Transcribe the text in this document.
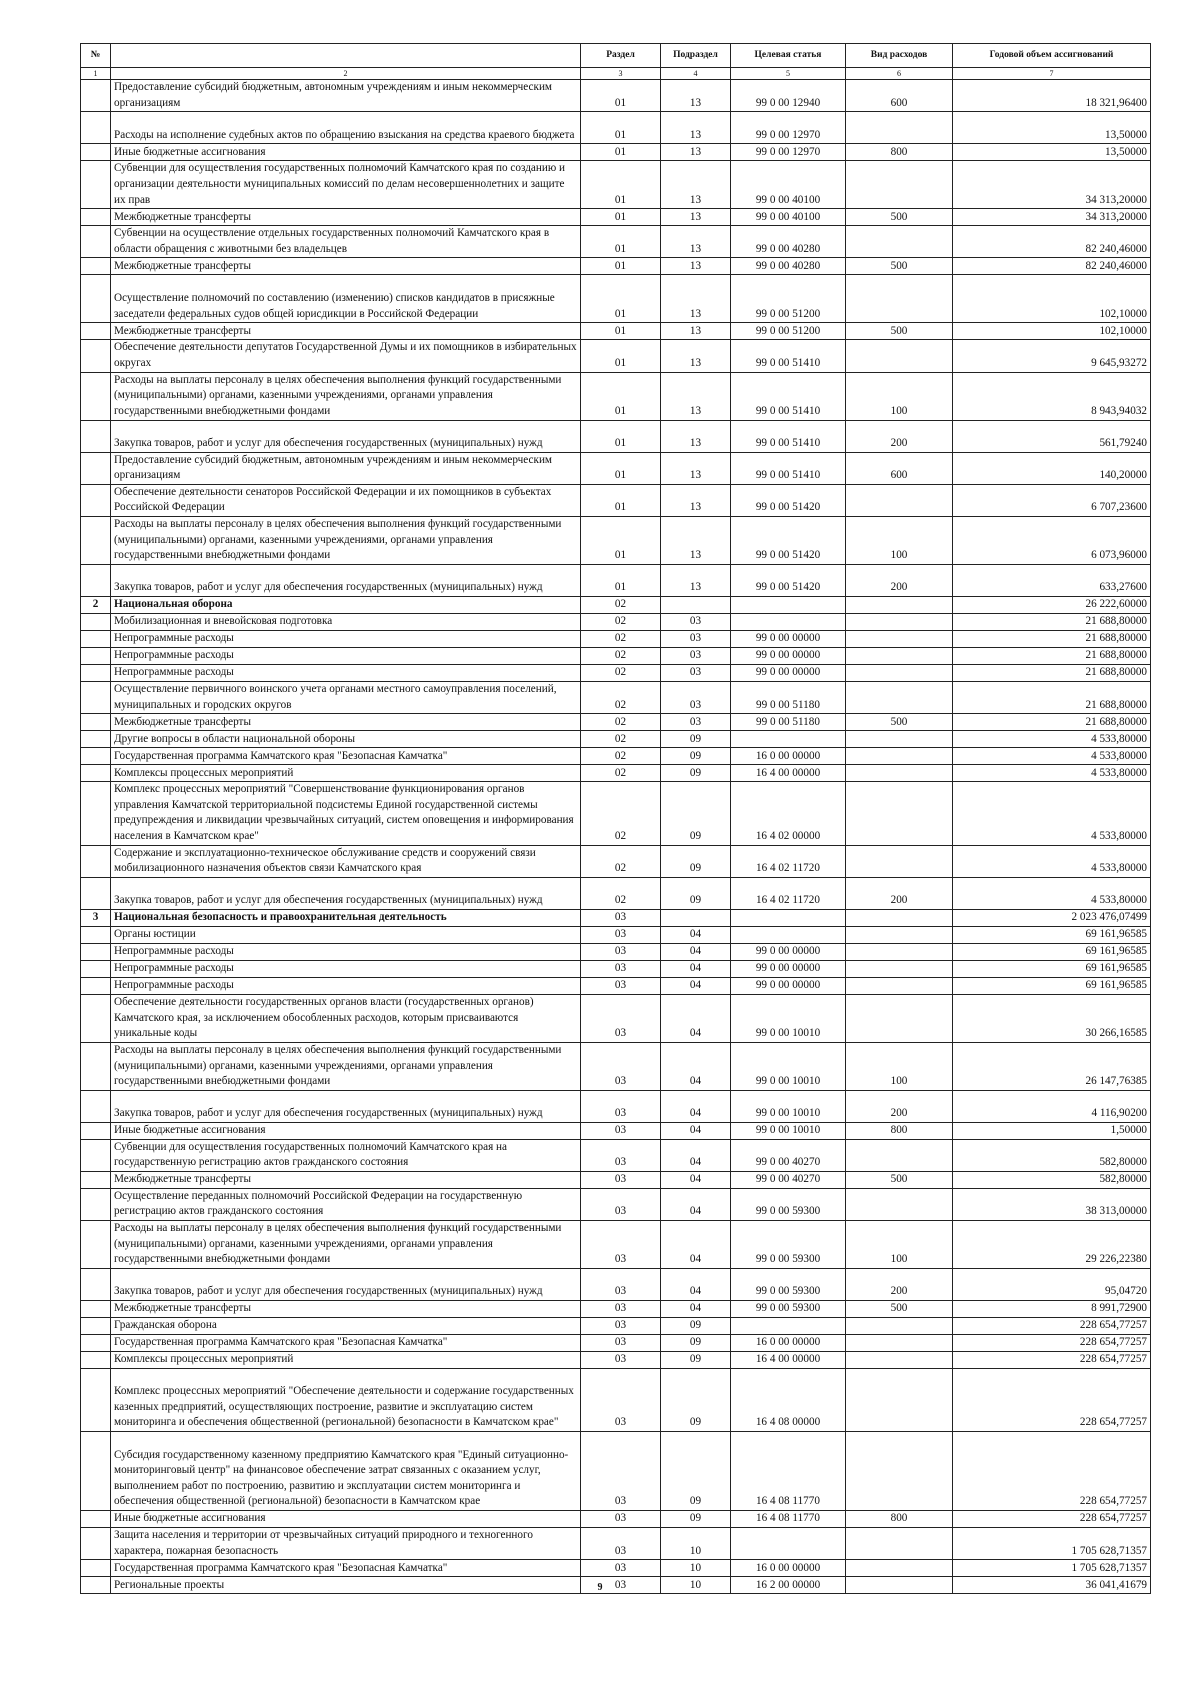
№		Раздел	Подраздел	Целевая статья	Вид расходов	Годовой объем ассигнований
1	2	3	4	5	6	7
	Предоставление субсидий бюджетным, автономным учреждениям и иным некоммерческим организациям	01	13	99 0 00 12940	600	18 321,96400
	Расходы на исполнение судебных актов по обращению взыскания на средства краевого бюджета	01	13	99 0 00 12970		13,50000
	Иные бюджетные ассигнования	01	13	99 0 00 12970	800	13,50000
	Субвенции для осуществления государственных полномочий Камчатского края по созданию и организации деятельности муниципальных комиссий по делам несовершеннолетних и защите их прав	01	13	99 0 00 40100		34 313,20000
	Межбюджетные трансферты	01	13	99 0 00 40100	500	34 313,20000
	Субвенции на осуществление отдельных государственных полномочий Камчатского края в области обращения с животными без владельцев	01	13	99 0 00 40280		82 240,46000
	Межбюджетные трансферты	01	13	99 0 00 40280	500	82 240,46000
	Осуществление полномочий по составлению (изменению) списков кандидатов в присяжные заседатели федеральных судов общей юрисдикции в Российской Федерации	01	13	99 0 00 51200		102,10000
	Межбюджетные трансферты	01	13	99 0 00 51200	500	102,10000
	Обеспечение деятельности депутатов Государственной Думы и их помощников в избирательных округах	01	13	99 0 00 51410		9 645,93272
	Расходы на выплаты персоналу в целях обеспечения выполнения функций государственными (муниципальными) органами, казенными учреждениями, органами управления государственными внебюджетными фондами	01	13	99 0 00 51410	100	8 943,94032
	Закупка товаров, работ и услуг для обеспечения государственных (муниципальных) нужд	01	13	99 0 00 51410	200	561,79240
	Предоставление субсидий бюджетным, автономным учреждениям и иным некоммерческим организациям	01	13	99 0 00 51410	600	140,20000
	Обеспечение деятельности сенаторов Российской Федерации и их помощников в субъектах Российской Федерации	01	13	99 0 00 51420		6 707,23600
	Расходы на выплаты персоналу в целях обеспечения выполнения функций государственными (муниципальными) органами, казенными учреждениями, органами управления государственными внебюджетными фондами	01	13	99 0 00 51420	100	6 073,96000
	Закупка товаров, работ и услуг для обеспечения государственных (муниципальных) нужд	01	13	99 0 00 51420	200	633,27600
2	Национальная оборона	02				26 222,60000
	Мобилизационная и вневойсковая подготовка	02	03			21 688,80000
	Непрограммные расходы	02	03	99 0 00 00000		21 688,80000
	Непрограммные расходы	02	03	99 0 00 00000		21 688,80000
	Непрограммные расходы	02	03	99 0 00 00000		21 688,80000
	Осуществление первичного воинского учета органами местного самоуправления поселений, муниципальных и городских округов	02	03	99 0 00 51180		21 688,80000
	Межбюджетные трансферты	02	03	99 0 00 51180	500	21 688,80000
	Другие вопросы в области национальной обороны	02	09			4 533,80000
	Государственная программа Камчатского края "Безопасная Камчатка"	02	09	16 0 00 00000		4 533,80000
	Комплексы процессных мероприятий	02	09	16 4 00 00000		4 533,80000
	Комплекс процессных мероприятий "Совершенствование функционирования органов управления Камчатской территориальной подсистемы Единой государственной системы предупреждения и ликвидации чрезвычайных ситуаций, систем оповещения и информирования населения в Камчатском крае"	02	09	16 4 02 00000		4 533,80000
	Содержание и эксплуатационно-техническое обслуживание средств и сооружений связи мобилизационного назначения объектов связи Камчатского края	02	09	16 4 02 11720		4 533,80000
	Закупка товаров, работ и услуг для обеспечения государственных (муниципальных) нужд	02	09	16 4 02 11720	200	4 533,80000
3	Национальная безопасность и правоохранительная деятельность	03				2 023 476,07499
	Органы юстиции	03	04			69 161,96585
	Непрограммные расходы	03	04	99 0 00 00000		69 161,96585
	Непрограммные расходы	03	04	99 0 00 00000		69 161,96585
	Непрограммные расходы	03	04	99 0 00 00000		69 161,96585
	Обеспечение деятельности государственных органов власти (государственных органов) Камчатского края, за исключением обособленных расходов, которым присваиваются уникальные коды	03	04	99 0 00 10010		30 266,16585
	Расходы на выплаты персоналу в целях обеспечения выполнения функций государственными (муниципальными) органами, казенными учреждениями, органами управления государственными внебюджетными фондами	03	04	99 0 00 10010	100	26 147,76385
	Закупка товаров, работ и услуг для обеспечения государственных (муниципальных) нужд	03	04	99 0 00 10010	200	4 116,90200
	Иные бюджетные ассигнования	03	04	99 0 00 10010	800	1,50000
	Субвенции для осуществления государственных полномочий Камчатского края на государственную регистрацию актов гражданского состояния	03	04	99 0 00 40270		582,80000
	Межбюджетные трансферты	03	04	99 0 00 40270	500	582,80000
	Осуществление переданных полномочий Российской Федерации на государственную регистрацию актов гражданского состояния	03	04	99 0 00 59300		38 313,00000
	Расходы на выплаты персоналу в целях обеспечения выполнения функций государственными (муниципальными) органами, казенными учреждениями, органами управления государственными внебюджетными фондами	03	04	99 0 00 59300	100	29 226,22380
	Закупка товаров, работ и услуг для обеспечения государственных (муниципальных) нужд	03	04	99 0 00 59300	200	95,04720
	Межбюджетные трансферты	03	04	99 0 00 59300	500	8 991,72900
	Гражданская оборона	03	09			228 654,77257
	Государственная программа Камчатского края "Безопасная Камчатка"	03	09	16 0 00 00000		228 654,77257
	Комплексы процессных мероприятий	03	09	16 4 00 00000		228 654,77257
	Комплекс процессных мероприятий "Обеспечение деятельности и содержание государственных казенных предприятий, осуществляющих построение, развитие и эксплуатацию систем мониторинга и обеспечения общественной (региональной) безопасности в Камчатском крае"	03	09	16 4 08 00000		228 654,77257
	Субсидия государственному казенному предприятию Камчатского края "Единый ситуационно-мониторинговый центр" на финансовое обеспечение затрат связанных с оказанием услуг, выполнением работ по построению, развитию и эксплуатации систем мониторинга и обеспечения общественной (региональной) безопасности в Камчатском крае	03	09	16 4 08 11770		228 654,77257
	Иные бюджетные ассигнования	03	09	16 4 08 11770	800	228 654,77257
	Защита населения и территории от чрезвычайных ситуаций природного и техногенного характера, пожарная безопасность	03	10			1 705 628,71357
	Государственная программа Камчатского края "Безопасная Камчатка"	03	10	16 0 00 00000		1 705 628,71357
	Региональные проекты	03	10	16 2 00 00000		36 041,41679
9
